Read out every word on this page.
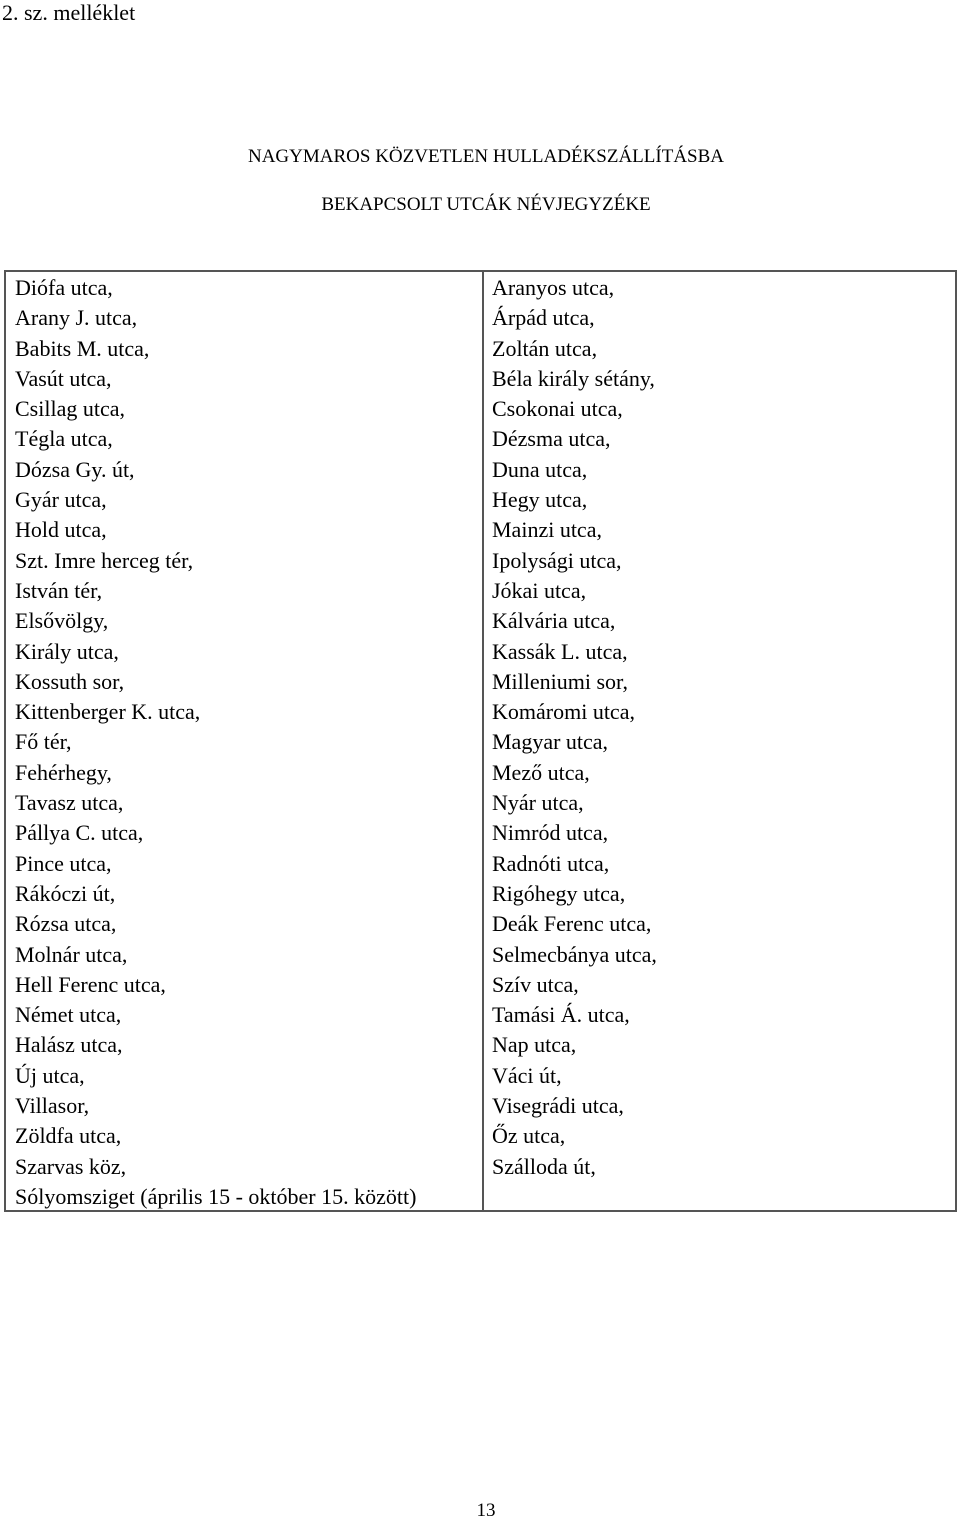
2. sz. melléklet
NAGYMAROS KÖZVETLEN HULLADÉKSZÁLLÍTÁSBA
BEKAPCSOLT UTCÁK NÉVJEGYZÉKE
Diófa utca,
Arany J. utca,
Babits M. utca,
Vasút utca,
Csillag utca,
Tégla utca,
Dózsa Gy. út,
Gyár utca,
Hold utca,
Szt. Imre herceg tér,
István tér,
Elsővölgy,
Király utca,
Kossuth sor,
Kittenberger K. utca,
Fő tér,
Fehérhegy,
Tavasz utca,
Pállya C. utca,
Pince utca,
Rákóczi út,
Rózsa utca,
Molnár utca,
Hell Ferenc utca,
Német utca,
Halász utca,
Új utca,
Villasor,
Zöldfa utca,
Szarvas köz,
Sólyomsziget (április 15 - október 15. között)
Aranyos utca,
Árpád utca,
Zoltán utca,
Béla király sétány,
Csokonai utca,
Dézsma utca,
Duna utca,
Hegy utca,
Mainzi utca,
Ipolysági utca,
Jókai utca,
Kálvária utca,
Kassák L. utca,
Milleniumi sor,
Komáromi utca,
Magyar utca,
Mező utca,
Nyár utca,
Nimród utca,
Radnóti utca,
Rigóhegy utca,
Deák Ferenc utca,
Selmecbánya utca,
Szív utca,
Tamási Á. utca,
Nap utca,
Váci út,
Visegrádi utca,
Őz utca,
Szálloda út,
13
